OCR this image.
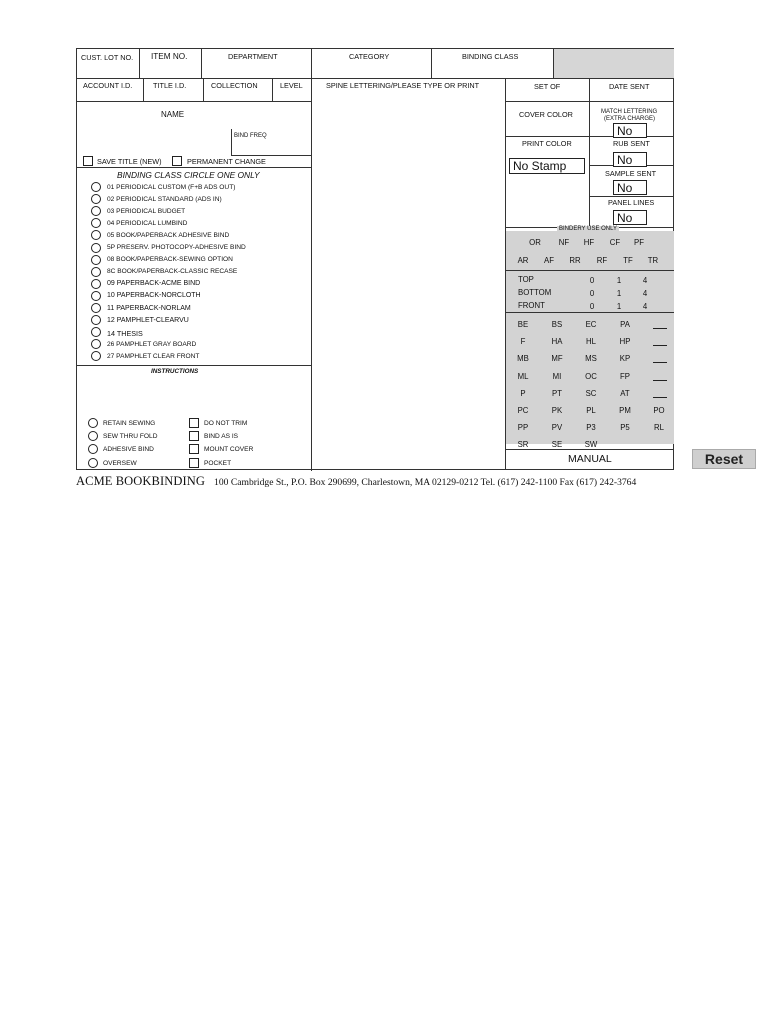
CUST. LOT NO. ITEM NO.	DEPARTMENT	CATEGORY	BINDING CLASS
ACCOUNT I.D.	TITLE I.D.	COLLECTION	LEVEL	SPINE LETTERING/PLEASE TYPE OR PRINT	SET OF	DATE SENT
NAME
BIND FREQ
SAVE TITLE (NEW)	PERMANENT CHANGE
BINDING CLASS CIRCLE ONE ONLY
01 PERIODICAL CUSTOM (F+B ADS OUT)
02 PERIODICAL STANDARD (ADS IN)
03 PERIODICAL BUDGET
04 PERIODICAL LUMBIND
05 BOOK/PAPERBACK ADHESIVE BIND
5P PRESERV. PHOTOCOPY-ADHESIVE BIND
08 BOOK/PAPERBACK-SEWING OPTION
8C BOOK/PAPERBACK-CLASSIC RECASE
09 PAPERBACK-ACME BIND
10 PAPERBACK-NORCLOTH
11 PAPERBACK-NORLAM
12 PAMPHLET-CLEARVU
14 THESIS
26 PAMPHLET GRAY BOARD
27 PAMPHLET CLEAR FRONT
INSTRUCTIONS
RETAIN SEWING
SEW THRU FOLD
ADHESIVE BIND
OVERSEW
DO NOT TRIM
BIND AS IS
MOUNT COVER
POCKET
COVER COLOR	MATCH LETTERING
(EXTRA CHARGE)
No
PRINT COLOR
No Stamp
RUB SENT
No
SAMPLE SENT
No
PANEL LINES
No
BINDERY USE ONLY
OR	NF	HF	CF	PF
AR	AF	RR	RF	TF	TR
TOP	0	1	4
BOTTOM	0	1	4
FRONT	0	1	4
BE	BS	EC	PA
F	HA	HL	HP
MB	MF	MS	KP
ML	MI	OC	FP
P	PT	SC	AT
PC	PK	PL	PM	PO
PP	PV	P3	P5	RL
SR	SE	SW
MANUAL
ACME BOOKBINDING 100 Cambridge St., P.O. Box 290699, Charlestown, MA 02129-0212 Tel. (617) 242-1100 Fax (617) 242-3764
Reset
